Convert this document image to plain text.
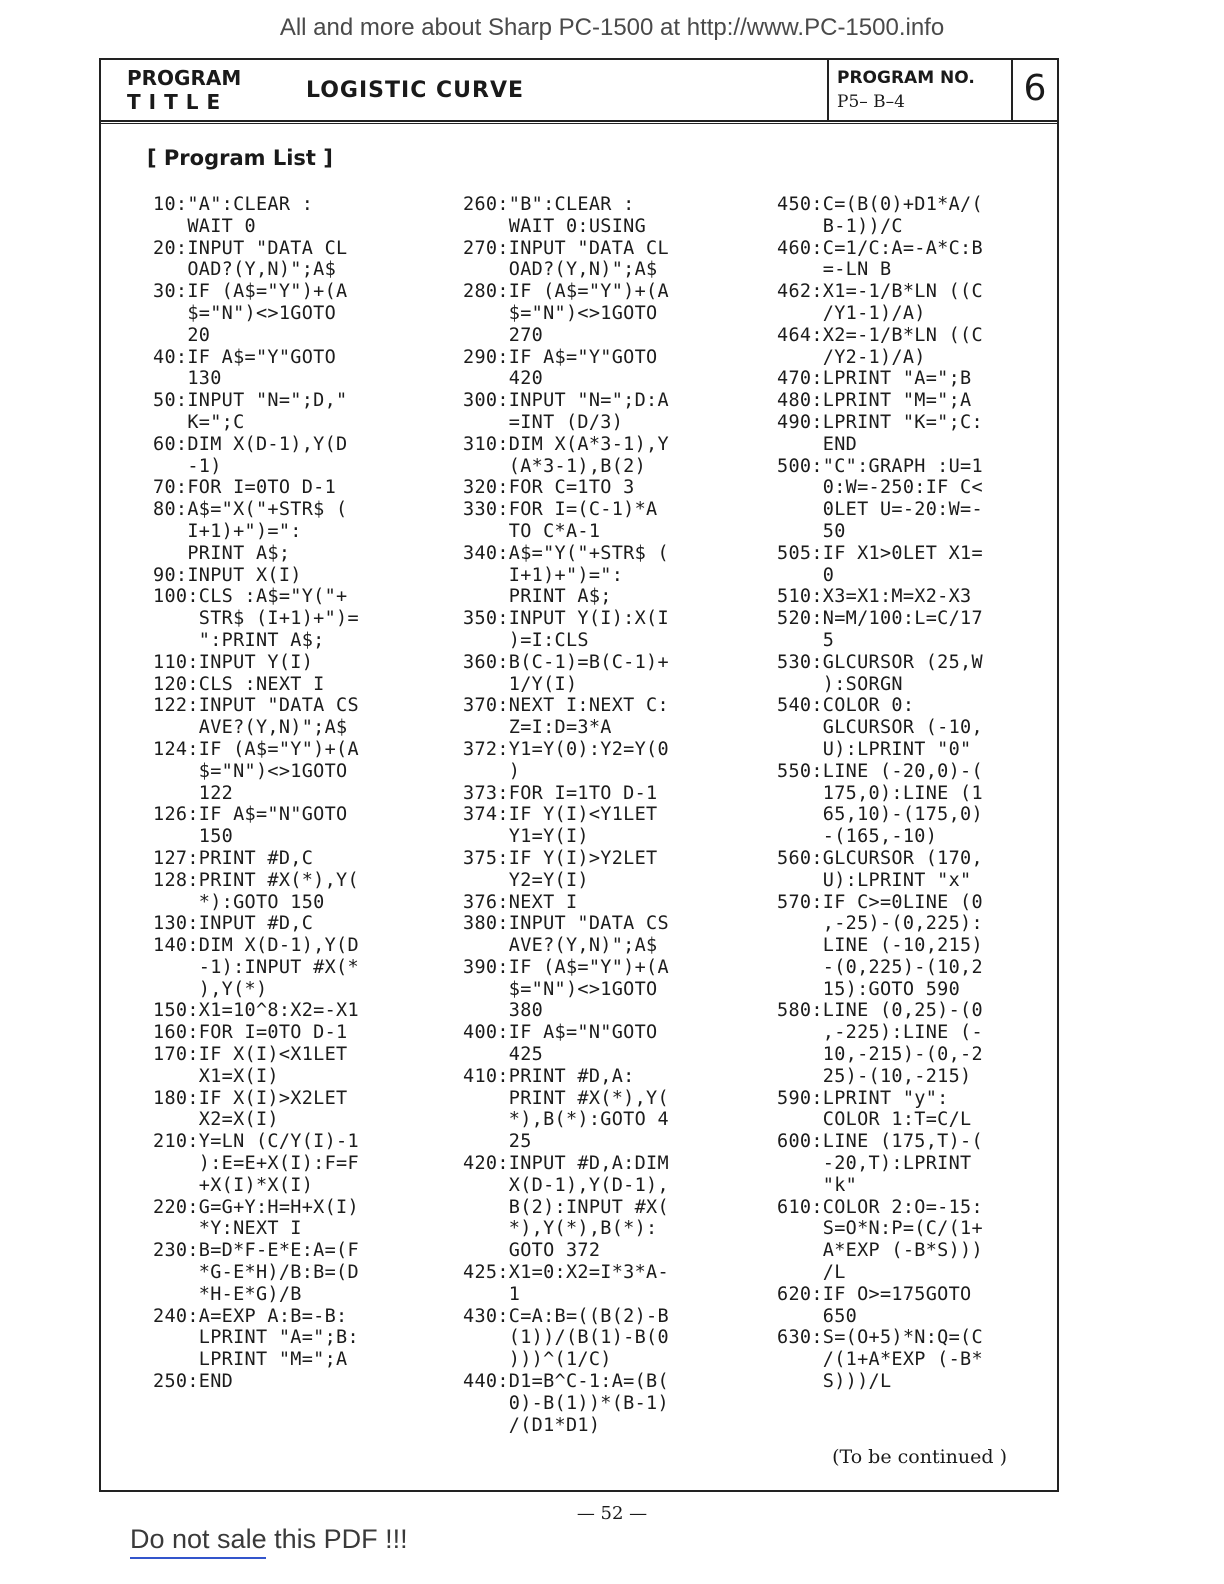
All and more about Sharp PC-1500 at http://www.PC-1500.info
PROGRAM
TITLE	LOGISTIC CURVE	PROGRAM NO.
P5– B–4	6
[ Program List ]
10:"A":CLEAR :
WAIT 0
20:INPUT "DATA CL
OAD?(Y,N)";A$
30:IF (A$="Y")+(A
$="N")<>1GOTO
20
40:IF A$="Y"GOTO
130
50:INPUT "N=";D,"
K=";C
60:DIM X(D-1),Y(D
-1)
70:FOR I=0TO D-1
80:A$="X("+STR$ (
I+1)+")=":
PRINT A$;
90:INPUT X(I)
100:CLS :A$="Y("+
STR$ (I+1)+")=
":PRINT A$;
110:INPUT Y(I)
120:CLS :NEXT I
122:INPUT "DATA CS
AVE?(Y,N)";A$
124:IF (A$="Y")+(A
$="N")<>1GOTO
122
126:IF A$="N"GOTO
150
127:PRINT #D,C
128:PRINT #X(*),Y(
*):GOTO 150
130:INPUT #D,C
140:DIM X(D-1),Y(D
-1):INPUT #X(*
),Y(*)
150:X1=10^8:X2=-X1
160:FOR I=0TO D-1
170:IF X(I)<X1LET
X1=X(I)
180:IF X(I)>X2LET
X2=X(I)
210:Y=LN (C/Y(I)-1
):E=E+X(I):F=F
+X(I)*X(I)
220:G=G+Y:H=H+X(I)
*Y:NEXT I
230:B=D*F-E*E:A=(F
*G-E*H)/B:B=(D
*H-E*G)/B
240:A=EXP A:B=-B:
LPRINT "A=";B:
LPRINT "M=";A
250:END
260:"B":CLEAR :
WAIT 0:USING
270:INPUT "DATA CL
OAD?(Y,N)";A$
280:IF (A$="Y")+(A
$="N")<>1GOTO
270
290:IF A$="Y"GOTO
420
300:INPUT "N=";D:A
=INT (D/3)
310:DIM X(A*3-1),Y
(A*3-1),B(2)
320:FOR C=1TO 3
330:FOR I=(C-1)*A
TO C*A-1
340:A$="Y("+STR$ (
I+1)+")=":
PRINT A$;
350:INPUT Y(I):X(I
)=I:CLS
360:B(C-1)=B(C-1)+
1/Y(I)
370:NEXT I:NEXT C:
Z=I:D=3*A
372:Y1=Y(0):Y2=Y(0
)
373:FOR I=1TO D-1
374:IF Y(I)<Y1LET
Y1=Y(I)
375:IF Y(I)>Y2LET
Y2=Y(I)
376:NEXT I
380:INPUT "DATA CS
AVE?(Y,N)";A$
390:IF (A$="Y")+(A
$="N")<>1GOTO
380
400:IF A$="N"GOTO
425
410:PRINT #D,A:
PRINT #X(*),Y(
*),B(*):GOTO 4
25
420:INPUT #D,A:DIM
X(D-1),Y(D-1),
B(2):INPUT #X(
*),Y(*),B(*):
GOTO 372
425:X1=0:X2=I*3*A-
1
430:C=A:B=((B(2)-B
(1))/(B(1)-B(0
)))^(1/C)
440:D1=B^C-1:A=(B(
0)-B(1))*(B-1)
/(D1*D1)
450:C=(B(0)+D1*A/(
B-1))/C
460:C=1/C:A=-A*C:B
=-LN B
462:X1=-1/B*LN ((C
/Y1-1)/A)
464:X2=-1/B*LN ((C
/Y2-1)/A)
470:LPRINT "A=";B
480:LPRINT "M=";A
490:LPRINT "K=";C:
END
500:"C":GRAPH :U=1
0:W=-250:IF C<
0LET U=-20:W=-
50
505:IF X1>0LET X1=
0
510:X3=X1:M=X2-X3
520:N=M/100:L=C/17
5
530:GLCURSOR (25,W
):SORGN
540:COLOR 0:
GLCURSOR (-10,
U):LPRINT "0"
550:LINE (-20,0)-(
175,0):LINE (1
65,10)-(175,0)
-(165,-10)
560:GLCURSOR (170,
U):LPRINT "x"
570:IF C>=0LINE (0
,-25)-(0,225):
LINE (-10,215)
-(0,225)-(10,2
15):GOTO 590
580:LINE (0,25)-(0
,-225):LINE (-
10,-215)-(0,-2
25)-(10,-215)
590:LPRINT "y":
COLOR 1:T=C/L
600:LINE (175,T)-(
-20,T):LPRINT
"k"
610:COLOR 2:O=-15:
S=O*N:P=(C/(1+
A*EXP (-B*S)))
/L
620:IF O>=175GOTO
650
630:S=(O+5)*N:Q=(C
/(1+A*EXP (-B*
S)))/L
(To be continued )
— 52 —
Do not sale this PDF !!!
